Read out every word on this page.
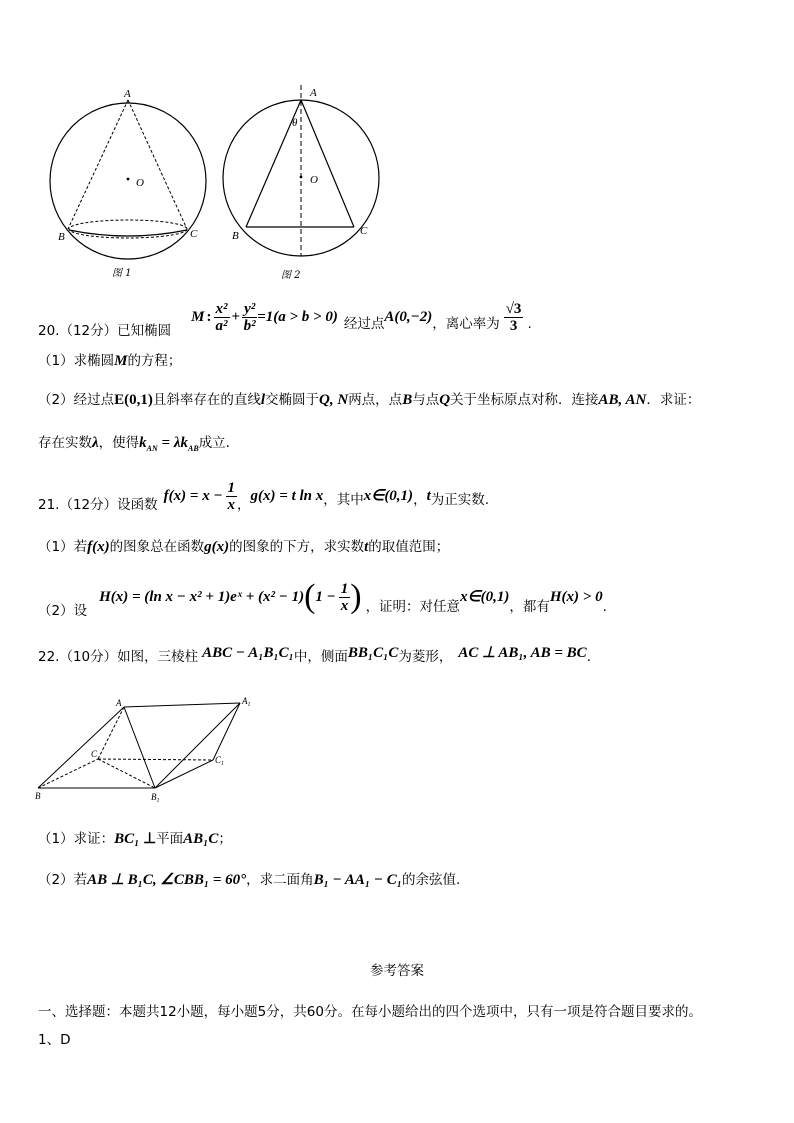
A
O
B	C
图 1
A
θ
O
B	C
图 2
20.（12分）已知椭圆
M : $\frac{\text{x²}}{\text{a²}} + \frac{\text{y²}}{\text{b²}} =1(a > b > 0)$ 经过点 A(0,−2) ，离心率为 $\frac{√3}{3}$ .
（1）求椭圆M的方程；
（2）经过点E(0,1)且斜率存在的直线l交椭圆于Q, N两点，点B与点Q关于坐标原点对称．连接AB, AN．求证：
存在实数λ，使得$k_{AN} = \lambda k_{AB}$成立.
21.（12分）设函数
$f(x) = x - \frac{1}{x}$ ，
g(x) = t ln x ，其中 x∈(0,1) ， t 为正实数.
（1）若f(x)的图象总在函数g(x)的图象的下方，求实数t的取值范围；
（2）设
H(x) = (ln x − x² + 1)eˣ + (x² − 1) ( $1 - \frac{1}{x}$ ) ，证明：对任意
x∈(0,1)
，都有
H(x) > 0
.
22.（10分）如图，三棱柱 ABC − A₁B₁C₁ 中，侧面 BB₁C₁C 为菱形， AC ⊥ AB₁, AB = BC .
A	$A_1$
C
$C_1$
B	$B_1$
（1）求证：BC₁ ⊥平面AB₁C；
（2）若AB ⊥ B₁C, ∠CBB₁ = 60°，求二面角B₁ − AA₁ − C₁的余弦值.
参考答案
一、选择题：本题共12小题，每小题5分，共60分。在每小题给出的四个选项中，只有一项是符合题目要求的。
1、D
